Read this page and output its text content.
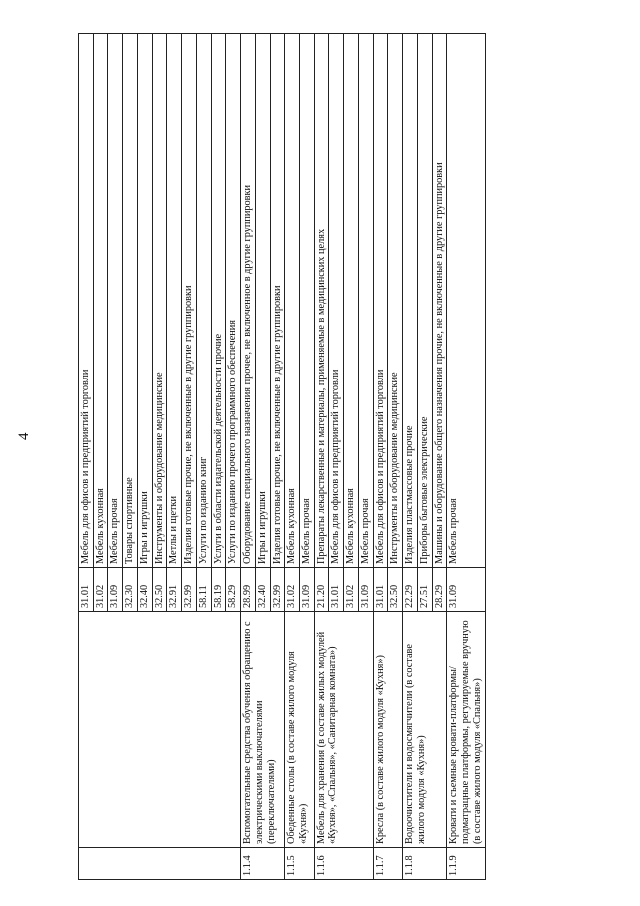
4
		31.01	Мебель для офисов и предприятий торговли
		31.02	Мебель кухонная
		31.09	Мебель прочая
		32.30	Товары спортивные
		32.40	Игры и игрушки
		32.50	Инструменты и оборудование медицинские
		32.91	Метлы и щетки
		32.99	Изделия готовые прочие, не включенные в другие группировки
		58.11	Услуги по изданию книг
		58.19	Услуги в области издательской деятельности прочие
		58.29	Услуги по изданию прочего программного обеспечения
1.1.4	Вспомогательные средства обучения обращению с электрическими выключателями (переключателями)	28.99	Оборудование специального назначения прочее, не включенное в другие группировки
		32.40	Игры и игрушки
		32.99	Изделия готовые прочие, не включенные в другие группировки
1.1.5	Обеденные столы (в составе жилого модуля «Кухня»)	31.02	Мебель кухонная
		31.09	Мебель прочая
1.1.6	Мебель для хранения (в составе жилых модулей «Кухня», «Спальня», «Санитарная комната»)	21.20	Препараты лекарственные и материалы, применяемые в медицинских целях
		31.01	Мебель для офисов и предприятий торговли
		31.02	Мебель кухонная
		31.09	Мебель прочая
1.1.7	Кресла (в составе жилого модуля «Кухня»)	31.01	Мебель для офисов и предприятий торговли
		32.50	Инструменты и оборудование медицинские
1.1.8	Водоочистители и водосмягчители (в составе жилого модуля «Кухня»)	22.29	Изделия пластмассовые прочие
		27.51	Приборы бытовые электрические
		28.29	Машины и оборудование общего назначения прочие, не включенные в другие группировки
1.1.9	Кровати и съемные кровати-платформы/ подматрацные платформы, регулируемые вручную (в составе жилого модуля «Спальня»)	31.09	Мебель прочая
